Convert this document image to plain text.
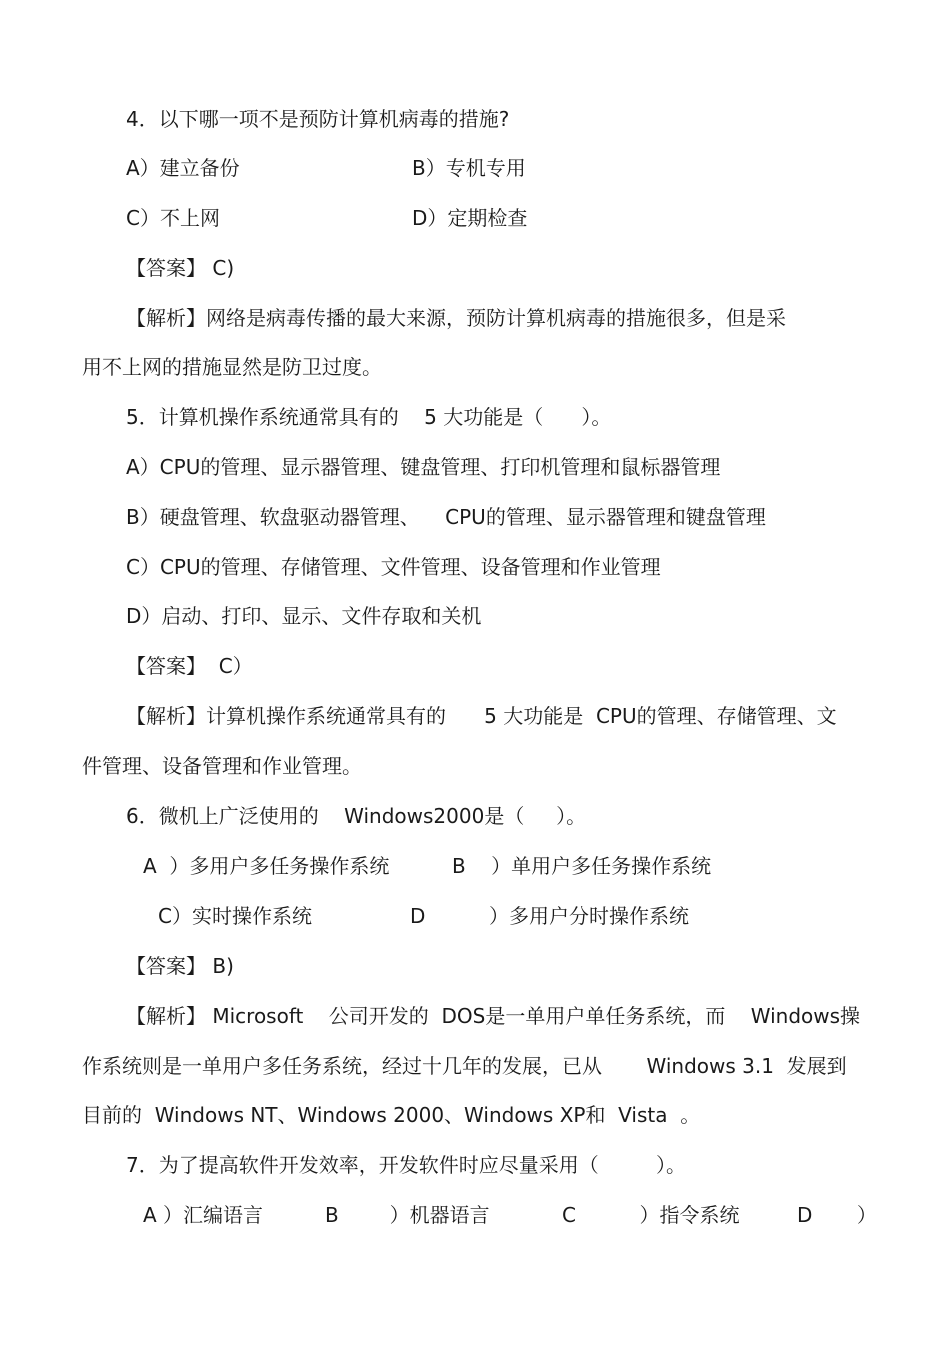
4．以下哪一项不是预防计算机病毒的措施?
A）建立备份	B）专机专用
C）不上网	D）定期检查
【答案】 C)
【解析】网络是病毒传播的最大来源，预防计算机病毒的措施很多，但是采
用不上网的措施显然是防卫过度。
5．计算机操作系统通常具有的    5 大功能是（      ）。
A）CPU的管理、显示器管理、键盘管理、打印机管理和鼠标器管理
B）硬盘管理、软盘驱动器管理、    CPU的管理、显示器管理和键盘管理
C）CPU的管理、存储管理、文件管理、设备管理和作业管理
D）启动、打印、显示、文件存取和关机
【答案】  C）
【解析】计算机操作系统通常具有的      5 大功能是  CPU的管理、存储管理、文
件管理、设备管理和作业管理。
6．微机上广泛使用的    Windows2000是（     ）。
A  ）多用户多任务操作系统	B    ）单用户多任务操作系统
C）实时操作系统	D          ）多用户分时操作系统
【答案】 B)
【解析】 Microsoft    公司开发的  DOS是一单用户单任务系统，而    Windows操
作系统则是一单用户多任务系统，经过十几年的发展，已从       Windows 3.1  发展到
目前的  Windows NT、Windows 2000、Windows XP和  Vista  。
7．为了提高软件开发效率，开发软件时应尽量采用（         ）。
A ）汇编语言	B        ）机器语言	C          ）指令系统	D       ）
